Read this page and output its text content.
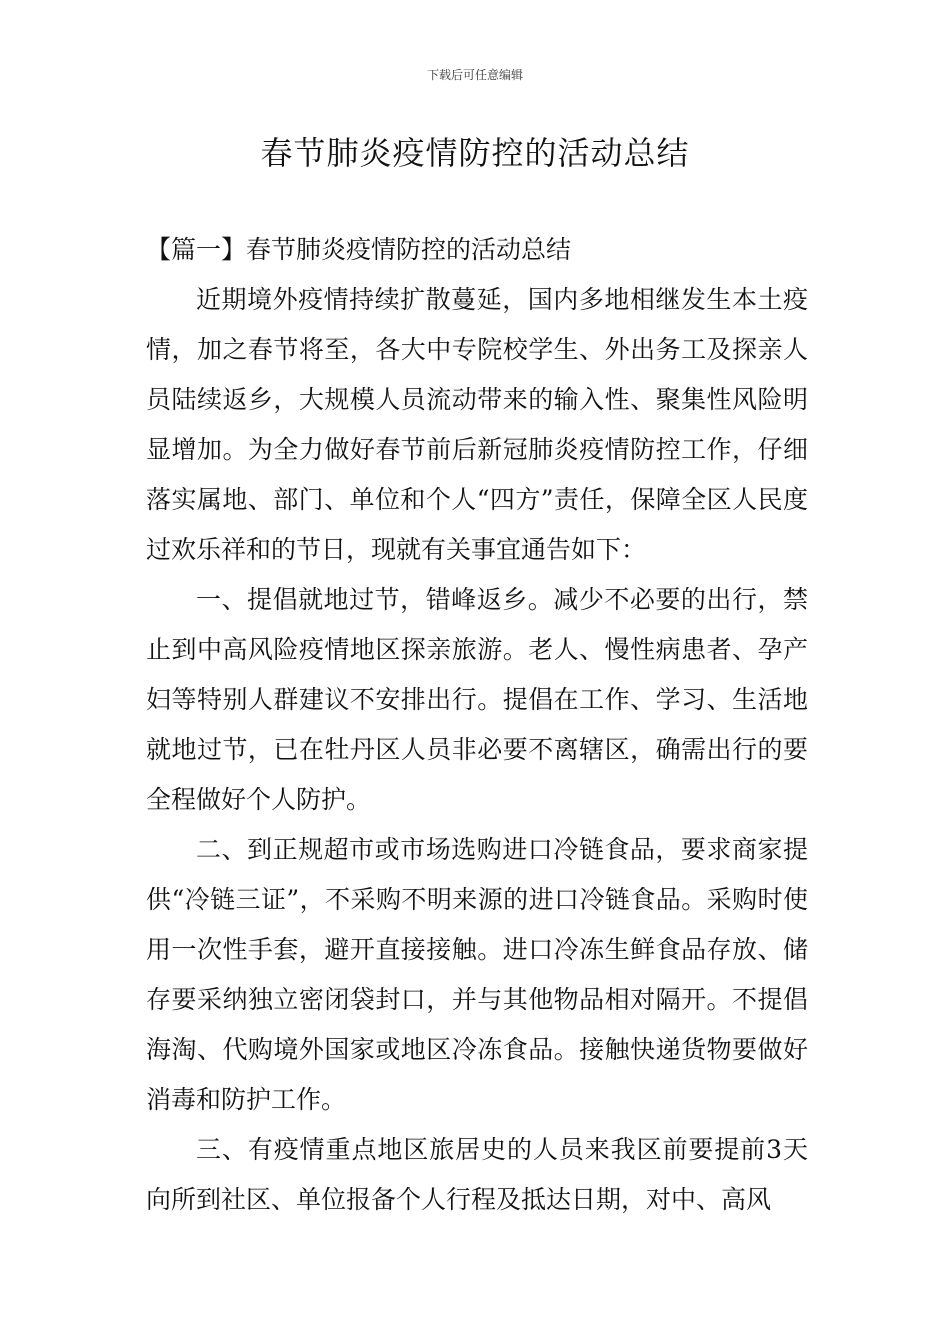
下载后可任意编辑
春节肺炎疫情防控的活动总结

【篇一】春节肺炎疫情防控的活动总结

近期境外疫情持续扩散蔓延，国内多地相继发生本土疫情，加之春节将至，各大中专院校学生、外出务工及探亲人员陆续返乡，大规模人员流动带来的输入性、聚集性风险明显增加。为全力做好春节前后新冠肺炎疫情防控工作，仔细落实属地、部门、单位和个人“四方”责任，保障全区人民度过欢乐祥和的节日，现就有关事宜通告如下：

一、提倡就地过节，错峰返乡。减少不必要的出行，禁止到中高风险疫情地区探亲旅游。老人、慢性病患者、孕产妇等特别人群建议不安排出行。提倡在工作、学习、生活地就地过节，已在牡丹区人员非必要不离辖区，确需出行的要全程做好个人防护。

二、到正规超市或市场选购进口冷链食品，要求商家提供“冷链三证”，不采购不明来源的进口冷链食品。采购时使用一次性手套，避开直接接触。进口冷冻生鲜食品存放、储存要采纳独立密闭袋封口，并与其他物品相对隔开。不提倡海淘、代购境外国家或地区冷冻食品。接触快递货物要做好消毒和防护工作。

三、有疫情重点地区旅居史的人员来我区前要提前3天向所到社区、单位报备个人行程及抵达日期，对中、高风
